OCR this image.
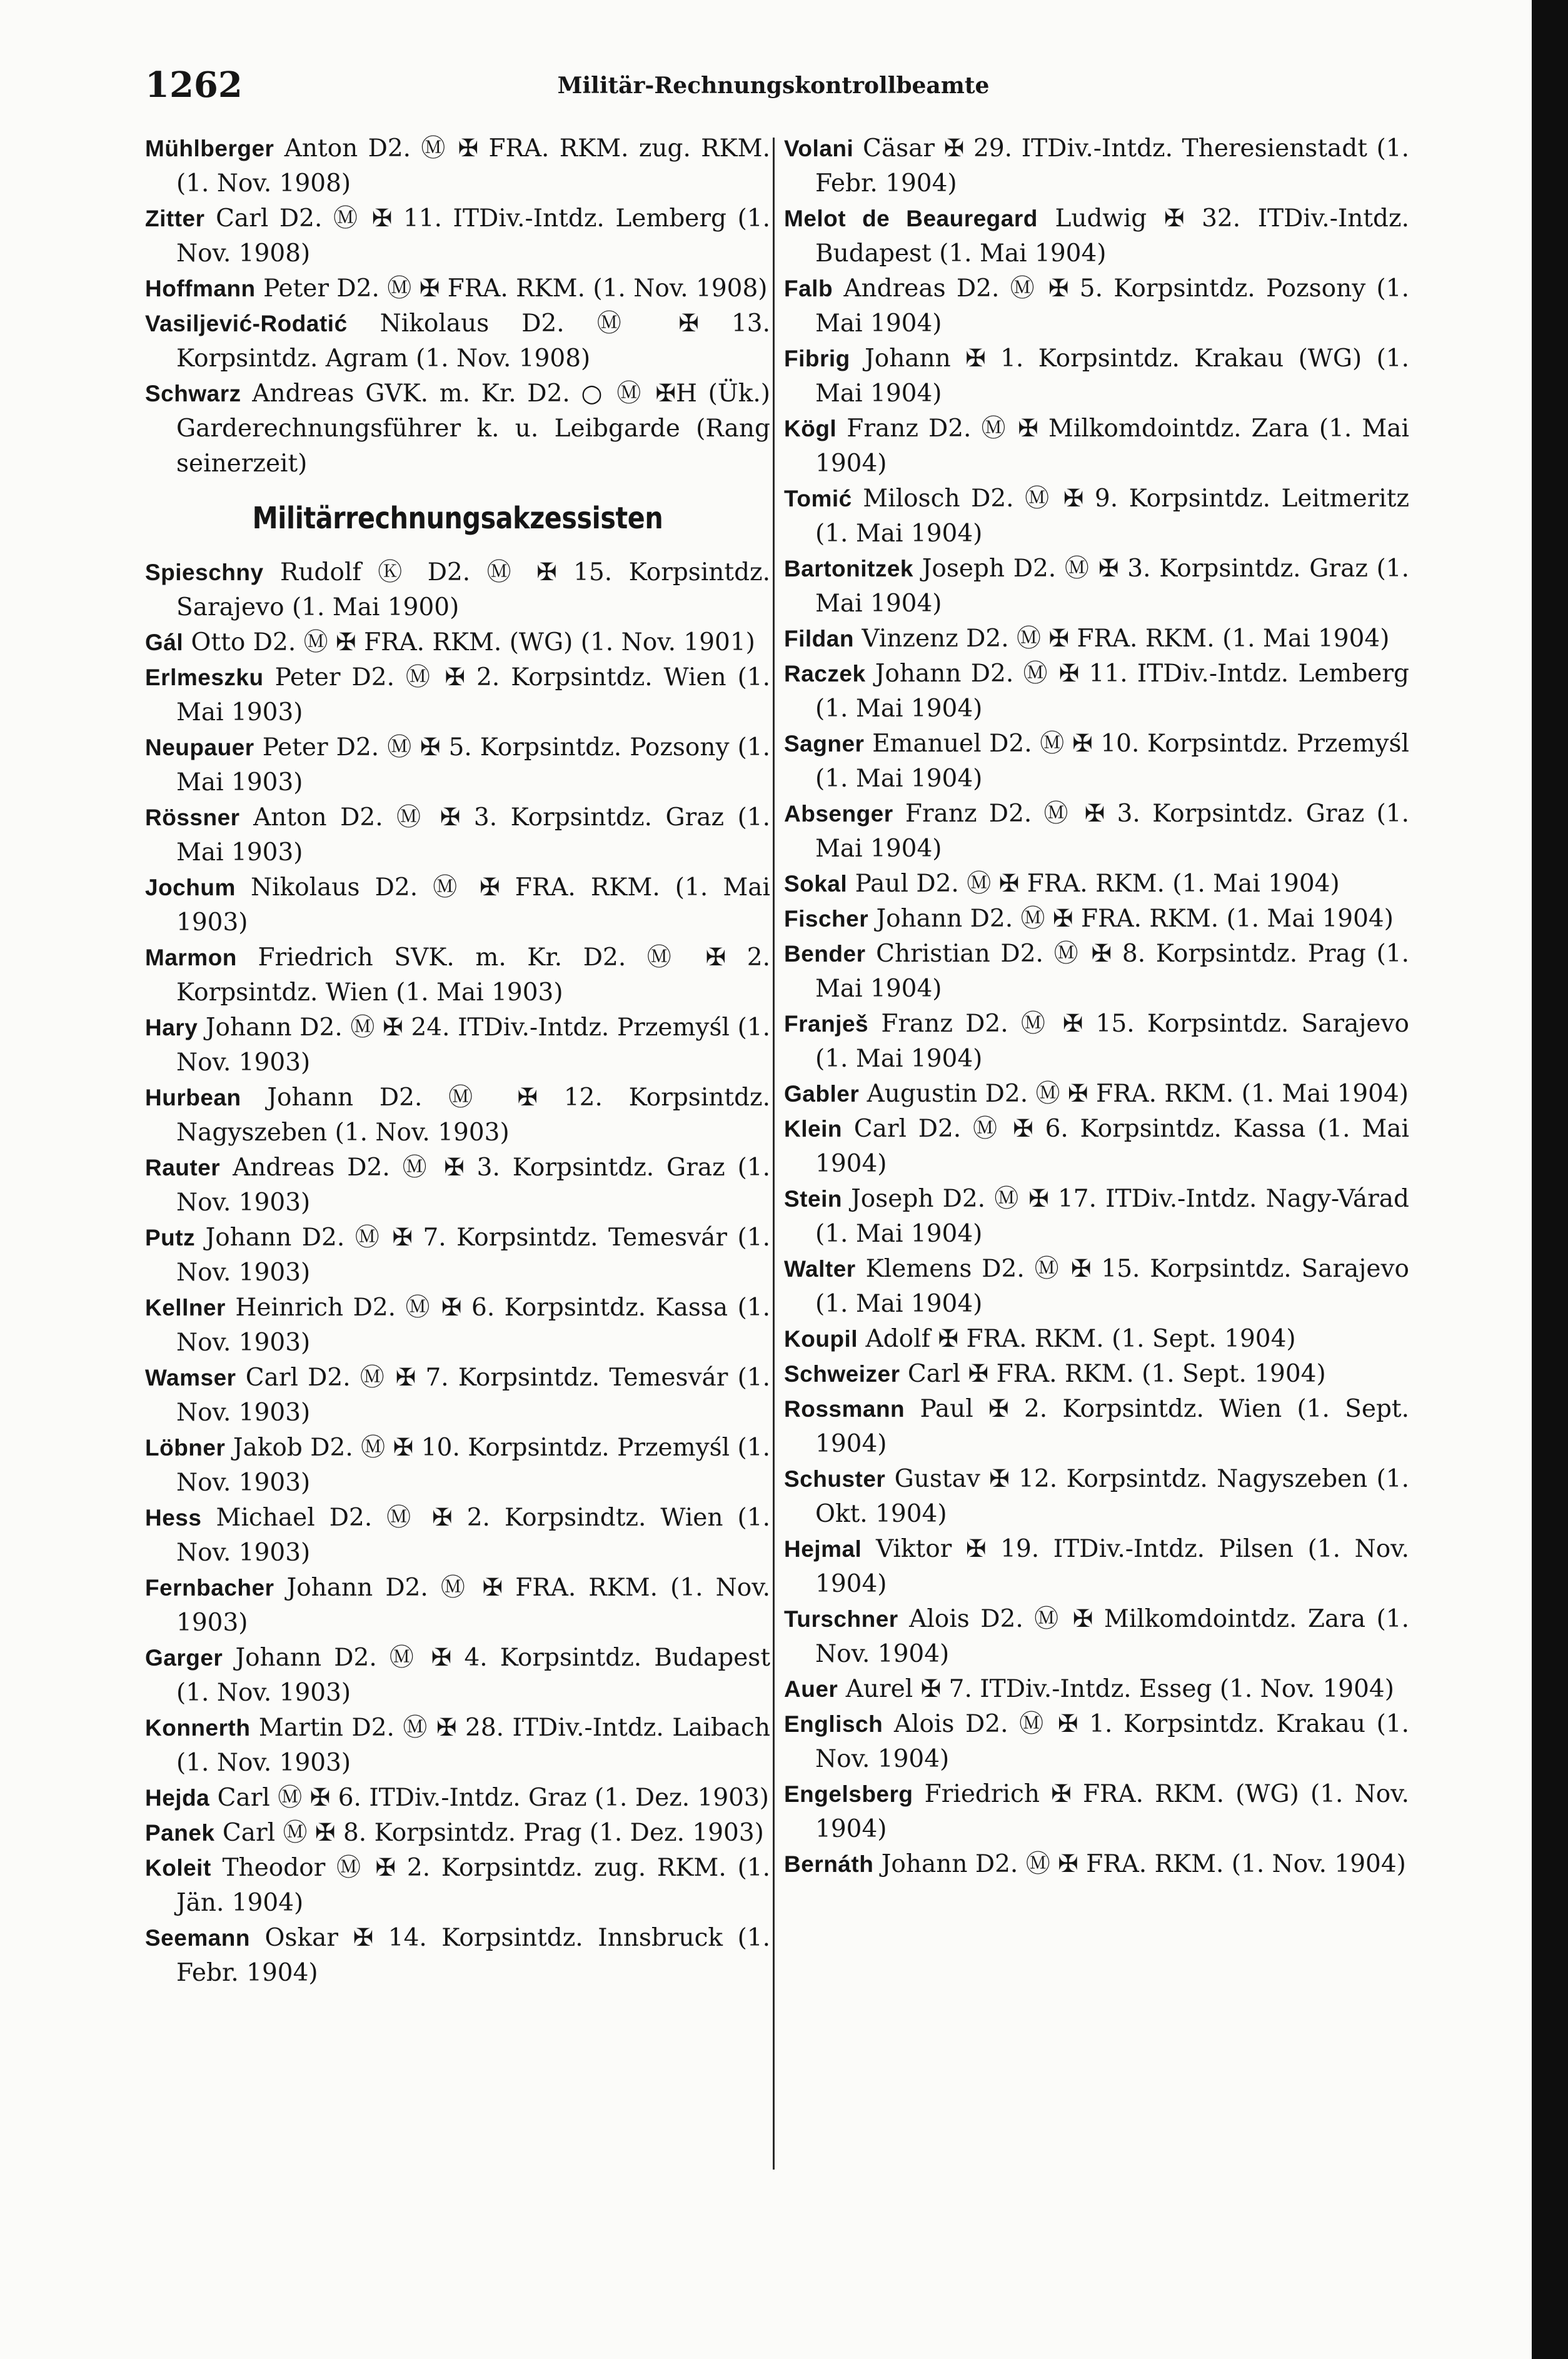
1262	Militär-Rechnungskontrollbeamte

Mühlberger Anton D2. Ⓜ ✠ FRA. RKM. zug. RKM. (1. Nov. 1908)

Zitter Carl D2. Ⓜ ✠ 11. ITDiv.-Intdz. Lemberg (1. Nov. 1908)

Hoffmann Peter D2. Ⓜ ✠ FRA. RKM. (1. Nov. 1908)

Vasiljević-Rodatić Nikolaus D2. Ⓜ ✠ 13. Korpsintdz. Agram (1. Nov. 1908)

Schwarz Andreas GVK. m. Kr. D2. ○ Ⓜ ✠H (Ük.) Garderechnungsführer k. u. Leibgarde (Rang seinerzeit)

Militärrechnungsakzessisten

Spieschny Rudolf Ⓚ D2. Ⓜ ✠ 15. Korpsintdz. Sarajevo (1. Mai 1900)

Gál Otto D2. Ⓜ ✠ FRA. RKM. (WG) (1. Nov. 1901)

Erlmeszku Peter D2. Ⓜ ✠ 2. Korpsintdz. Wien (1. Mai 1903)

Neupauer Peter D2. Ⓜ ✠ 5. Korpsintdz. Pozsony (1. Mai 1903)

Rössner Anton D2. Ⓜ ✠ 3. Korpsintdz. Graz (1. Mai 1903)

Jochum Nikolaus D2. Ⓜ ✠ FRA. RKM. (1. Mai 1903)

Marmon Friedrich SVK. m. Kr. D2. Ⓜ ✠ 2. Korpsintdz. Wien (1. Mai 1903)

Hary Johann D2. Ⓜ ✠ 24. ITDiv.-Intdz. Przemyśl (1. Nov. 1903)

Hurbean Johann D2. Ⓜ ✠ 12. Korpsintdz. Nagyszeben (1. Nov. 1903)

Rauter Andreas D2. Ⓜ ✠ 3. Korpsintdz. Graz (1. Nov. 1903)

Putz Johann D2. Ⓜ ✠ 7. Korpsintdz. Temesvár (1. Nov. 1903)

Kellner Heinrich D2. Ⓜ ✠ 6. Korpsintdz. Kassa (1. Nov. 1903)

Wamser Carl D2. Ⓜ ✠ 7. Korpsintdz. Temesvár (1. Nov. 1903)

Löbner Jakob D2. Ⓜ ✠ 10. Korpsintdz. Przemyśl (1. Nov. 1903)

Hess Michael D2. Ⓜ ✠ 2. Korpsindtz. Wien (1. Nov. 1903)

Fernbacher Johann D2. Ⓜ ✠ FRA. RKM. (1. Nov. 1903)

Garger Johann D2. Ⓜ ✠ 4. Korpsintdz. Budapest (1. Nov. 1903)

Konnerth Martin D2. Ⓜ ✠ 28. ITDiv.-Intdz. Laibach (1. Nov. 1903)

Hejda Carl Ⓜ ✠ 6. ITDiv.-Intdz. Graz (1. Dez. 1903)

Panek Carl Ⓜ ✠ 8. Korpsintdz. Prag (1. Dez. 1903)

Koleit Theodor Ⓜ ✠ 2. Korpsintdz. zug. RKM. (1. Jän. 1904)

Seemann Oskar ✠ 14. Korpsintdz. Innsbruck (1. Febr. 1904)

Volani Cäsar ✠ 29. ITDiv.-Intdz. Theresienstadt (1. Febr. 1904)

Melot de Beauregard Ludwig ✠ 32. ITDiv.-Intdz. Budapest (1. Mai 1904)

Falb Andreas D2. Ⓜ ✠ 5. Korpsintdz. Pozsony (1. Mai 1904)

Fibrig Johann ✠ 1. Korpsintdz. Krakau (WG) (1. Mai 1904)

Kögl Franz D2. Ⓜ ✠ Milkomdointdz. Zara (1. Mai 1904)

Tomić Milosch D2. Ⓜ ✠ 9. Korpsintdz. Leitmeritz (1. Mai 1904)

Bartonitzek Joseph D2. Ⓜ ✠ 3. Korpsintdz. Graz (1. Mai 1904)

Fildan Vinzenz D2. Ⓜ ✠ FRA. RKM. (1. Mai 1904)

Raczek Johann D2. Ⓜ ✠ 11. ITDiv.-Intdz. Lemberg (1. Mai 1904)

Sagner Emanuel D2. Ⓜ ✠ 10. Korpsintdz. Przemyśl (1. Mai 1904)

Absenger Franz D2. Ⓜ ✠ 3. Korpsintdz. Graz (1. Mai 1904)

Sokal Paul D2. Ⓜ ✠ FRA. RKM. (1. Mai 1904)

Fischer Johann D2. Ⓜ ✠ FRA. RKM. (1. Mai 1904)

Bender Christian D2. Ⓜ ✠ 8. Korpsintdz. Prag (1. Mai 1904)

Franješ Franz D2. Ⓜ ✠ 15. Korpsintdz. Sarajevo (1. Mai 1904)

Gabler Augustin D2. Ⓜ ✠ FRA. RKM. (1. Mai 1904)

Klein Carl D2. Ⓜ ✠ 6. Korpsintdz. Kassa (1. Mai 1904)

Stein Joseph D2. Ⓜ ✠ 17. ITDiv.-Intdz. Nagy-Várad (1. Mai 1904)

Walter Klemens D2. Ⓜ ✠ 15. Korpsintdz. Sarajevo (1. Mai 1904)

Koupil Adolf ✠ FRA. RKM. (1. Sept. 1904)

Schweizer Carl ✠ FRA. RKM. (1. Sept. 1904)

Rossmann Paul ✠ 2. Korpsintdz. Wien (1. Sept. 1904)

Schuster Gustav ✠ 12. Korpsintdz. Nagyszeben (1. Okt. 1904)

Hejmal Viktor ✠ 19. ITDiv.-Intdz. Pilsen (1. Nov. 1904)

Turschner Alois D2. Ⓜ ✠ Milkomdointdz. Zara (1. Nov. 1904)

Auer Aurel ✠ 7. ITDiv.-Intdz. Esseg (1. Nov. 1904)

Englisch Alois D2. Ⓜ ✠ 1. Korpsintdz. Krakau (1. Nov. 1904)

Engelsberg Friedrich ✠ FRA. RKM. (WG) (1. Nov. 1904)

Bernáth Johann D2. Ⓜ ✠ FRA. RKM. (1. Nov. 1904)
